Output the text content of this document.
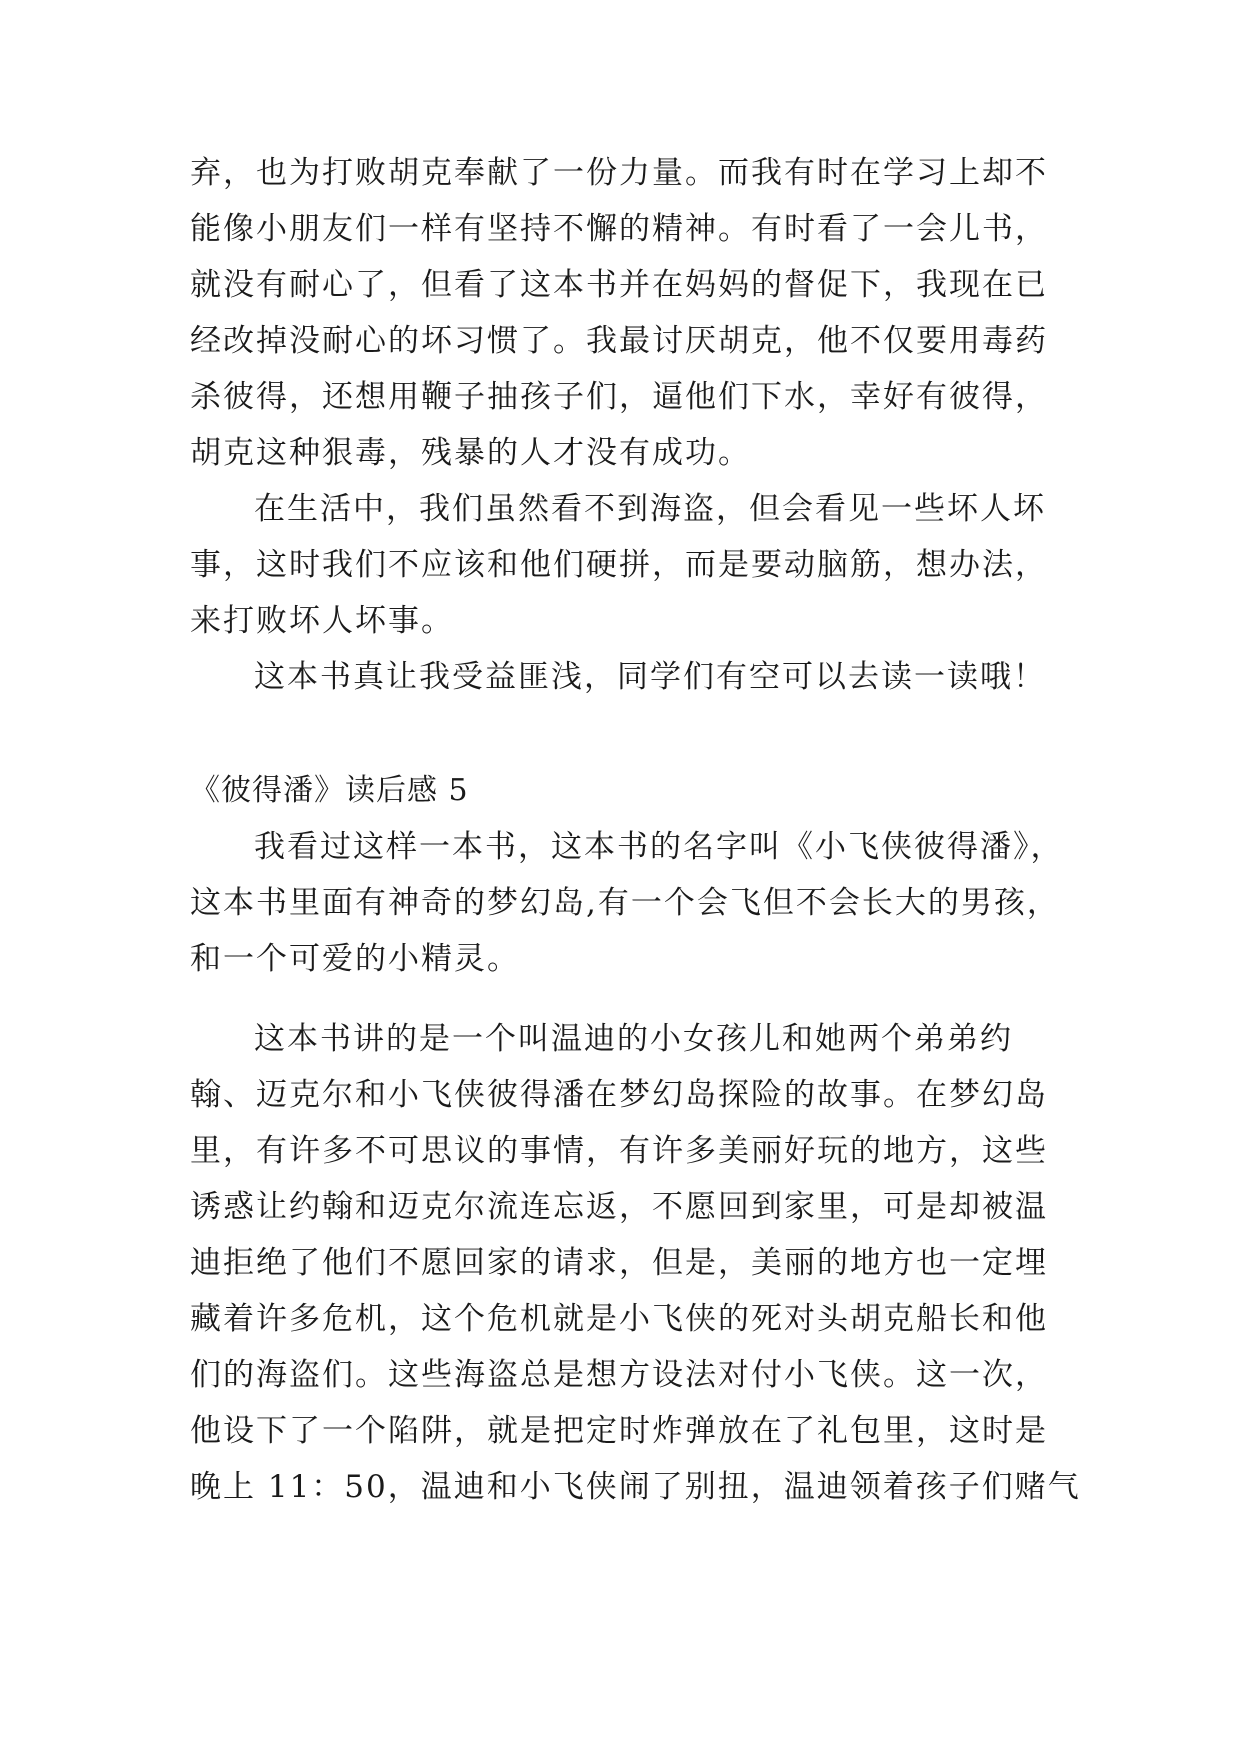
弃，也为打败胡克奉献了一份力量。而我有时在学习上却不
能像小朋友们一样有坚持不懈的精神。有时看了一会儿书，
就没有耐心了，但看了这本书并在妈妈的督促下，我现在已
经改掉没耐心的坏习惯了。我最讨厌胡克，他不仅要用毒药
杀彼得，还想用鞭子抽孩子们，逼他们下水，幸好有彼得，
胡克这种狠毒，残暴的人才没有成功。
在生活中，我们虽然看不到海盗，但会看见一些坏人坏
事，这时我们不应该和他们硬拼，而是要动脑筋，想办法，
来打败坏人坏事。
这本书真让我受益匪浅，同学们有空可以去读一读哦！
《彼得潘》读后感 5
我看过这样一本书，这本书的名字叫《小飞侠彼得潘》，
这本书里面有神奇的梦幻岛,有一个会飞但不会长大的男孩，
和一个可爱的小精灵。
这本书讲的是一个叫温迪的小女孩儿和她两个弟弟约
翰、迈克尔和小飞侠彼得潘在梦幻岛探险的故事。在梦幻岛
里，有许多不可思议的事情，有许多美丽好玩的地方，这些
诱惑让约翰和迈克尔流连忘返，不愿回到家里，可是却被温
迪拒绝了他们不愿回家的请求，但是，美丽的地方也一定埋
藏着许多危机，这个危机就是小飞侠的死对头胡克船长和他
们的海盗们。这些海盗总是想方设法对付小飞侠。这一次，
他设下了一个陷阱，就是把定时炸弹放在了礼包里，这时是
晚上 11：50，温迪和小飞侠闹了别扭，温迪领着孩子们赌气
